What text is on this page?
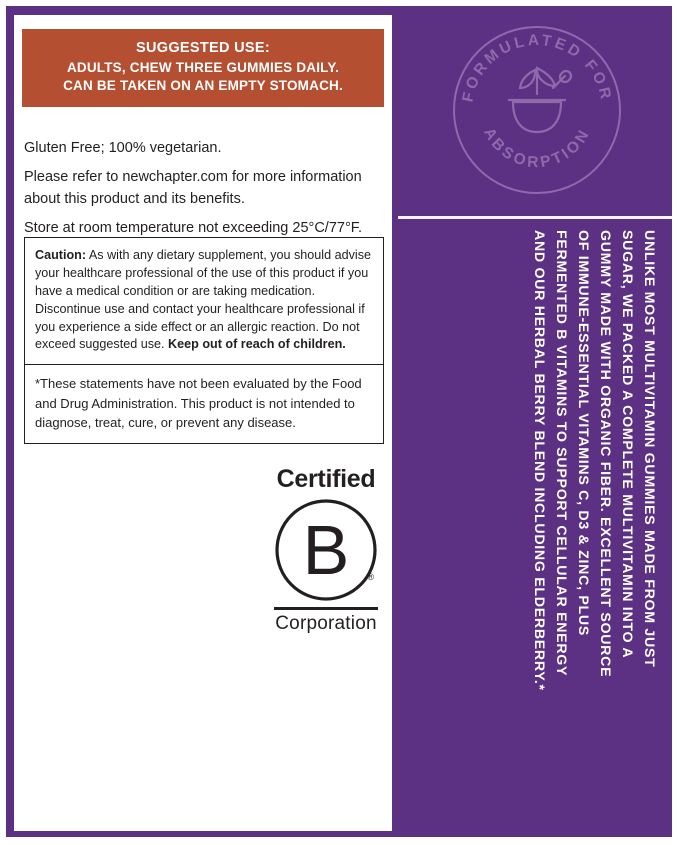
FORMULATED FOR
ABSORPTION
UNLIKE MOST MULTIVITAMIN GUMMIES MADE FROM JUST
SUGAR, WE PACKED A COMPLETE MULTIVITAMIN INTO A
GUMMY MADE WITH ORGANIC FIBER. EXCELLENT SOURCE
OF IMMUNE-ESSENTIAL VITAMINS C, D3 & ZINC, PLUS
FERMENTED B VITAMINS TO SUPPORT CELLULAR ENERGY
AND OUR HERBAL BERRY BLEND INCLUDING ELDERBERRY.*
SUGGESTED USE:
ADULTS, CHEW THREE GUMMIES DAILY.
CAN BE TAKEN ON AN EMPTY STOMACH.

Gluten Free; 100% vegetarian.

Please refer to newchapter.com for more information about this product and its benefits.

Store at room temperature not exceeding 25°C/77°F.

Caution: As with any dietary supplement, you should advise your healthcare professional of the use of this product if you have a medical condition or are taking medication. Discontinue use and contact your healthcare professional if you experience a side effect or an allergic reaction. Do not exceed suggested use. Keep out of reach of children.
*These statements have not been evaluated by the Food and Drug Administration. This product is not intended to diagnose, treat, cure, or prevent any disease.
Certified
B ®
Corporation
